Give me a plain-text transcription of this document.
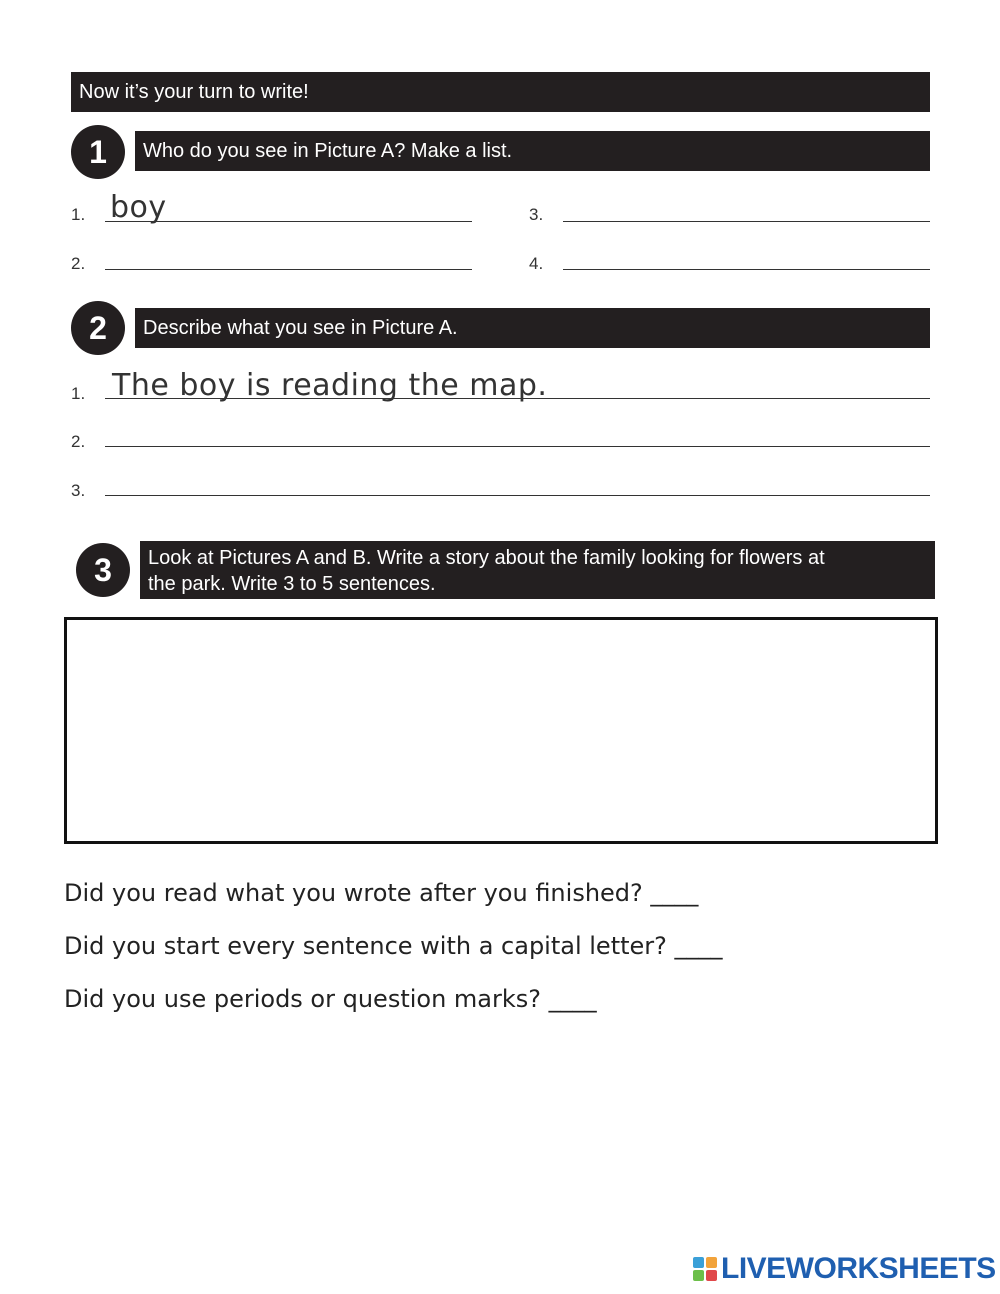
Now it’s your turn to write!
1	Who do you see in Picture A? Make a list.
1. boy	3.
2.	4.
2	Describe what you see in Picture A.
1. The boy is reading the map.
2.
3.
3 Look at Pictures A and B. Write a story about the family looking for flowers at
the park. Write 3 to 5 sentences.
Did you read what you wrote after you finished? ____
Did you start every sentence with a capital letter? ____
Did you use periods or question marks? ____
LIVEWORKSHEETS
